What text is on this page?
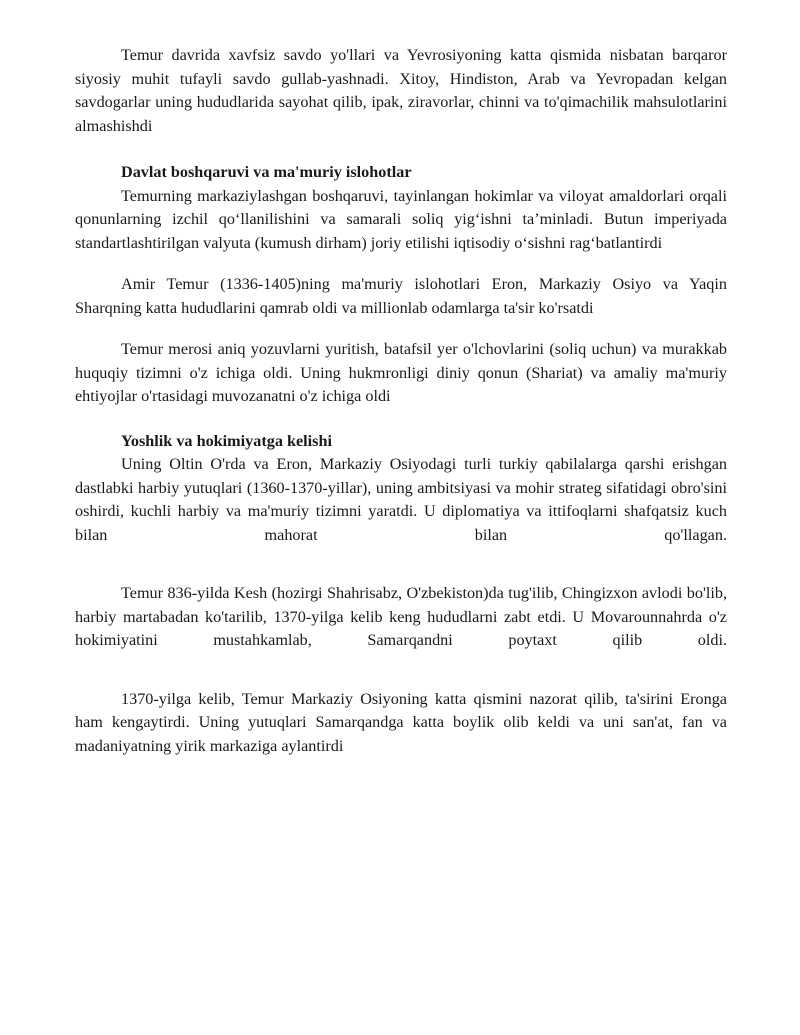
Temur davrida xavfsiz savdo yo'llari va Yevrosiyoning katta qismida nisbatan barqaror siyosiy muhit tufayli savdo gullab-yashnadi. Xitoy, Hindiston, Arab va Yevropadan kelgan savdogarlar uning hududlarida sayohat qilib, ipak, ziravorlar, chinni va to'qimachilik mahsulotlarini almashishdi

Davlat boshqaruvi va ma'muriy islohotlar

Temurning markaziylashgan boshqaruvi, tayinlangan hokimlar va viloyat amaldorlari orqali qonunlarning izchil qo‘llanilishini va samarali soliq yig‘ishni ta’minladi. Butun imperiyada standartlashtirilgan valyuta (kumush dirham) joriy etilishi iqtisodiy o‘sishni rag‘batlantirdi

Amir Temur (1336-1405)ning ma'muriy islohotlari Eron, Markaziy Osiyo va Yaqin Sharqning katta hududlarini qamrab oldi va millionlab odamlarga ta'sir ko'rsatdi

Temur merosi aniq yozuvlarni yuritish, batafsil yer o'lchovlarini (soliq uchun) va murakkab huquqiy tizimni o'z ichiga oldi. Uning hukmronligi diniy qonun (Shariat) va amaliy ma'muriy ehtiyojlar o'rtasidagi muvozanatni o'z ichiga oldi

Yoshlik va hokimiyatga kelishi

Uning Oltin O'rda va Eron, Markaziy Osiyodagi turli turkiy qabilalarga qarshi erishgan dastlabki harbiy yutuqlari (1360-1370-yillar), uning ambitsiyasi va mohir strateg sifatidagi obro'sini oshirdi, kuchli harbiy va ma'muriy tizimni yaratdi. U diplomatiya va ittifoqlarni shafqatsiz kuch bilan mahorat bilan qo'llagan.

Temur 836-yilda Kesh (hozirgi Shahrisabz, O'zbekiston)da tug'ilib, Chingizxon avlodi bo'lib, harbiy martabadan ko'tarilib, 1370-yilga kelib keng hududlarni zabt etdi. U Movarounnahrda o'z hokimiyatini mustahkamlab, Samarqandni poytaxt qilib oldi.

1370-yilga kelib, Temur Markaziy Osiyoning katta qismini nazorat qilib, ta'sirini Eronga ham kengaytirdi. Uning yutuqlari Samarqandga katta boylik olib keldi va uni san'at, fan va madaniyatning yirik markaziga aylantirdi
